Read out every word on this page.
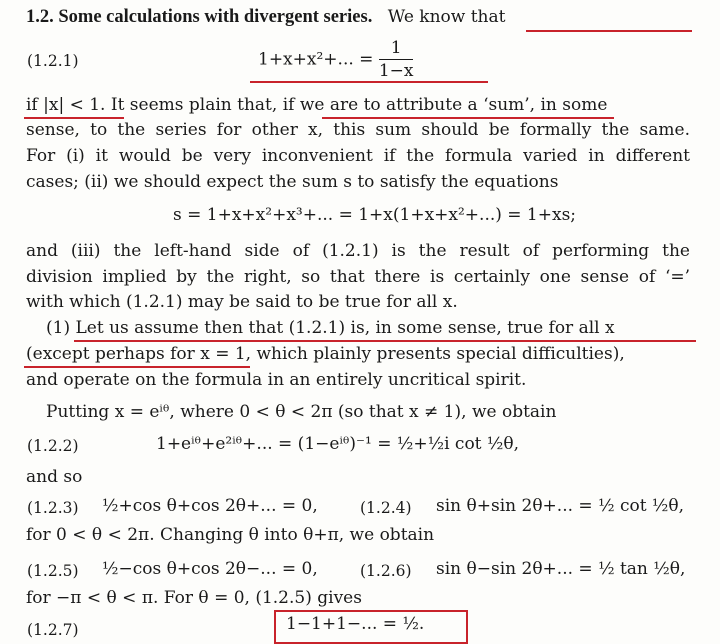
1.2. Some calculations with divergent series. We know that
(1.2.1)	1+x+x²+... = $\frac{1}{1-x}$
if |x| < 1. It seems plain that, if we are to attribute a ‘sum’, in some
sense, to the series for other x, this sum should be formally the same.
For (i) it would be very inconvenient if the formula varied in different
cases; (ii) we should expect the sum s to satisfy the equations
s = 1+x+x²+x³+... = 1+x(1+x+x²+...) = 1+xs;
and (iii) the left-hand side of (1.2.1) is the result of performing the
division implied by the right, so that there is certainly one sense of ‘=’
with which (1.2.1) may be said to be true for all x.
(1) Let us assume then that (1.2.1) is, in some sense, true for all x
(except perhaps for x = 1, which plainly presents special difficulties),
and operate on the formula in an entirely uncritical spirit.
Putting x = eⁱᶿ, where 0 < θ < 2π (so that x ≠ 1), we obtain
(1.2.2)	1+eⁱᶿ+e²ⁱᶿ+... = (1−eⁱᶿ)⁻¹ = ½+½i cot ½θ,
and so
(1.2.3) ½+cos θ+cos 2θ+... = 0,	(1.2.4) sin θ+sin 2θ+... = ½ cot ½θ,
for 0 < θ < 2π. Changing θ into θ+π, we obtain
(1.2.5) ½−cos θ+cos 2θ−... = 0,	(1.2.6) sin θ−sin 2θ+... = ½ tan ½θ,
for −π < θ < π. For θ = 0, (1.2.5) gives
(1.2.7)	1−1+1−... = ½.
